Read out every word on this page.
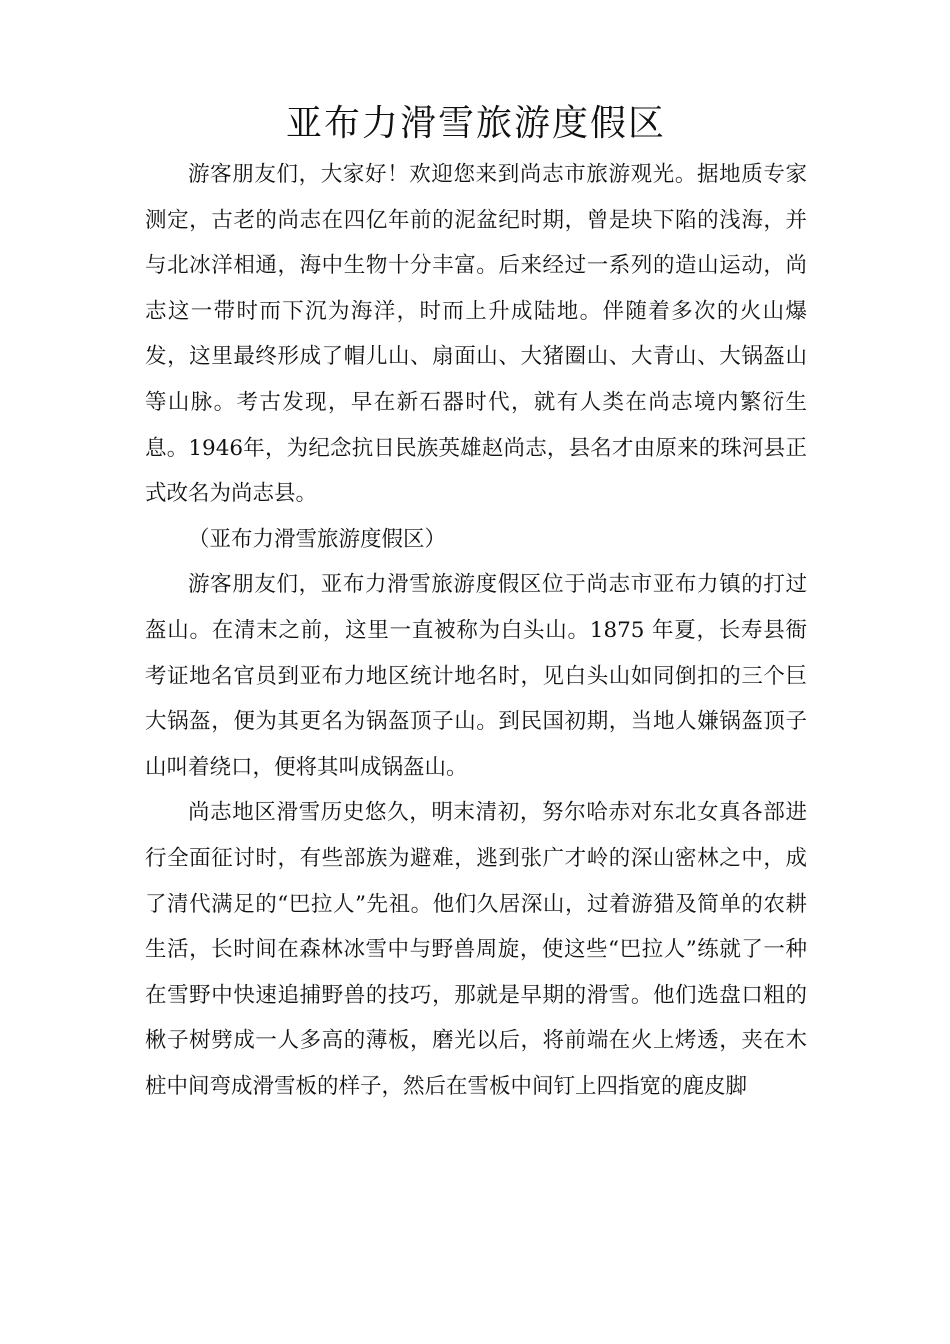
亚布力滑雪旅游度假区

游客朋友们，大家好！欢迎您来到尚志市旅游观光。据地质专家测定，古老的尚志在四亿年前的泥盆纪时期，曾是块下陷的浅海，并与北冰洋相通，海中生物十分丰富。后来经过一系列的造山运动，尚志这一带时而下沉为海洋，时而上升成陆地。伴随着多次的火山爆发，这里最终形成了帽儿山、扇面山、大猪圈山、大青山、大锅盔山等山脉。考古发现，早在新石器时代，就有人类在尚志境内繁衍生息。1946年，为纪念抗日民族英雄赵尚志，县名才由原来的珠河县正式改名为尚志县。

（亚布力滑雪旅游度假区）

游客朋友们，亚布力滑雪旅游度假区位于尚志市亚布力镇的打过盔山。在清末之前，这里一直被称为白头山。1875 年夏，长寿县衙考证地名官员到亚布力地区统计地名时，见白头山如同倒扣的三个巨大锅盔，便为其更名为锅盔顶子山。到民国初期，当地人嫌锅盔顶子山叫着绕口，便将其叫成锅盔山。

尚志地区滑雪历史悠久，明末清初，努尔哈赤对东北女真各部进行全面征讨时，有些部族为避难，逃到张广才岭的深山密林之中，成了清代满足的“巴拉人”先祖。他们久居深山，过着游猎及简单的农耕生活，长时间在森林冰雪中与野兽周旋，使这些“巴拉人”练就了一种在雪野中快速追捕野兽的技巧，那就是早期的滑雪。他们选盘口粗的楸子树劈成一人多高的薄板，磨光以后，将前端在火上烤透，夹在木桩中间弯成滑雪板的样子，然后在雪板中间钉上四指宽的鹿皮脚
